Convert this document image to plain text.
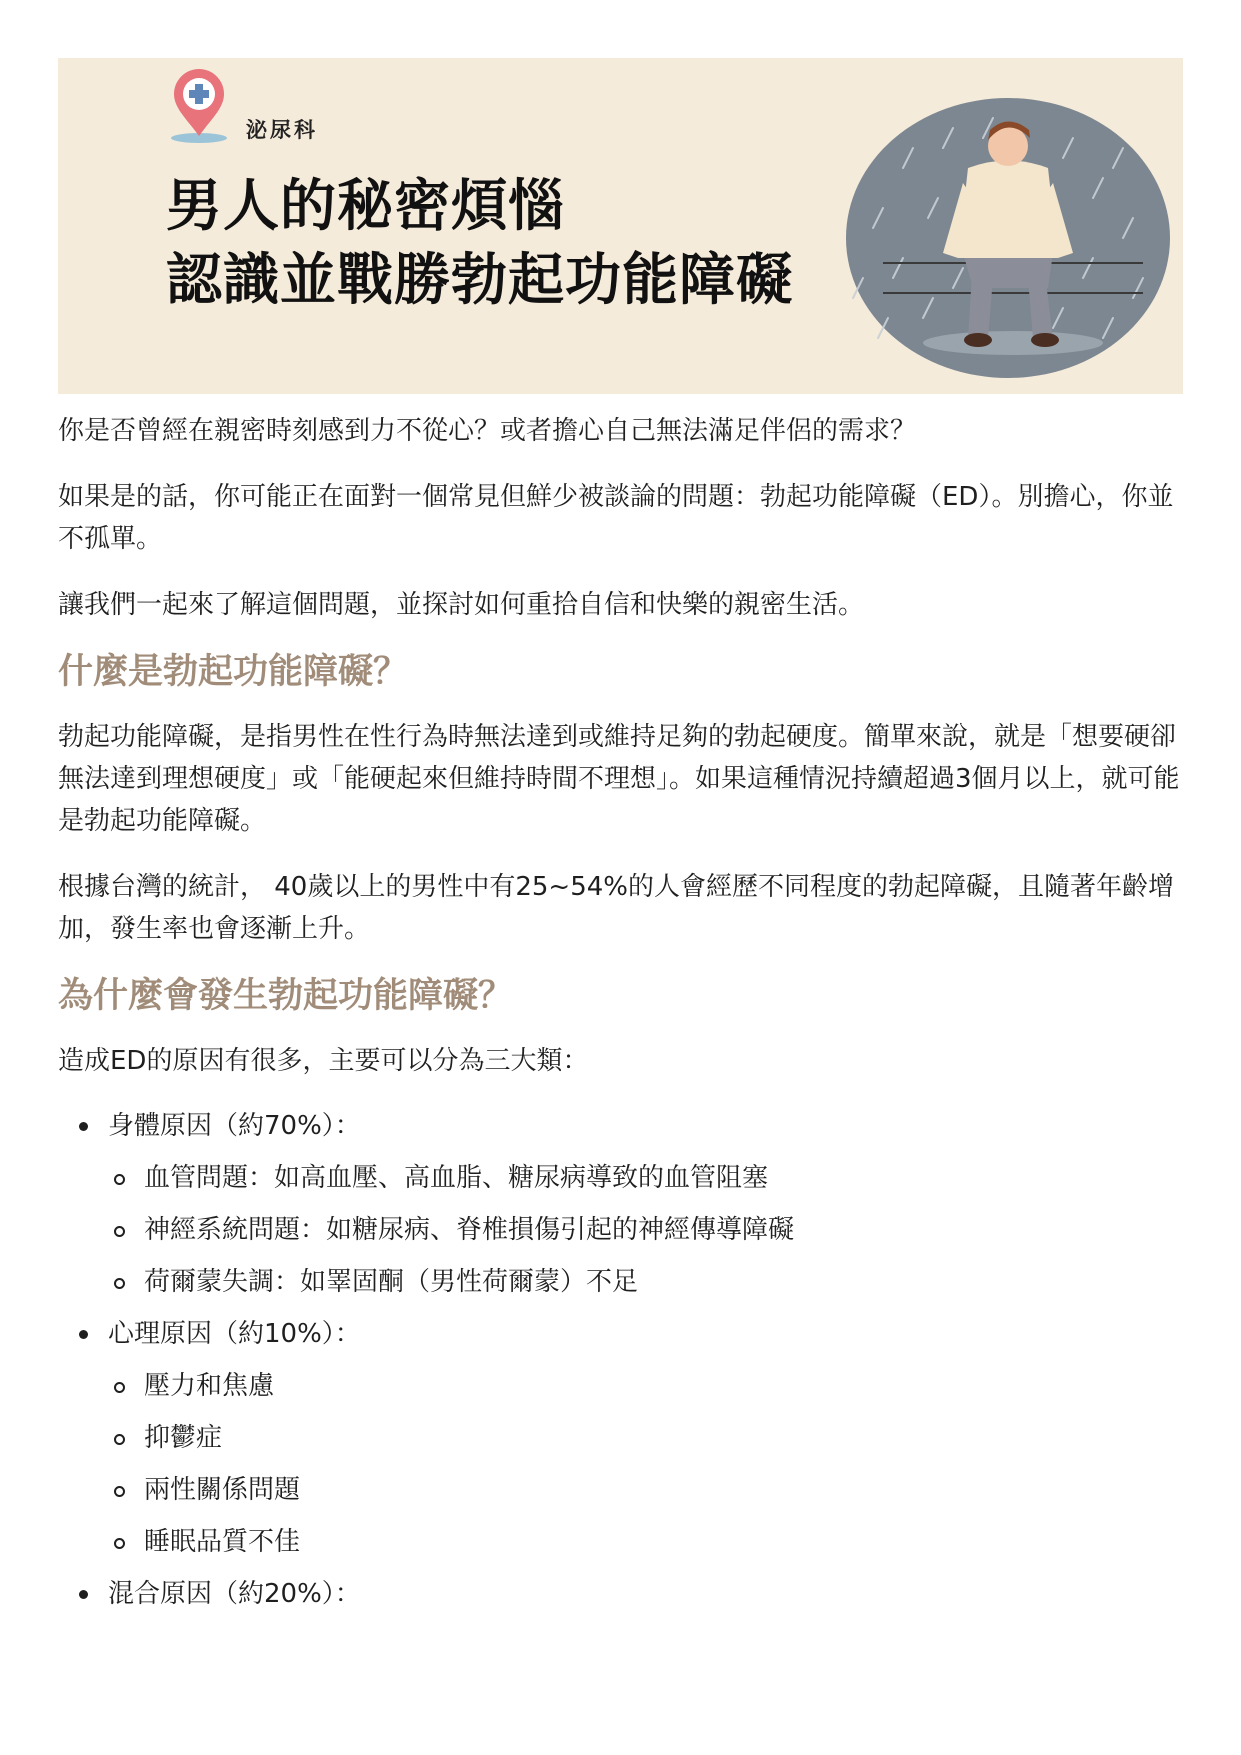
泌尿科
男人的秘密煩惱
認識並戰勝勃起功能障礙

你是否曾經在親密時刻感到力不從心？或者擔心自己無法滿足伴侶的需求？

如果是的話，你可能正在面對一個常見但鮮少被談論的問題：勃起功能障礙（ED）。別擔心，你並不孤單。

讓我們一起來了解這個問題，並探討如何重拾自信和快樂的親密生活。

什麼是勃起功能障礙？

勃起功能障礙，是指男性在性行為時無法達到或維持足夠的勃起硬度。簡單來說，就是「想要硬卻無法達到理想硬度」或「能硬起來但維持時間不理想」。如果這種情況持續超過3個月以上，就可能是勃起功能障礙。

根據台灣的統計， 40歲以上的男性中有25~54%的人會經歷不同程度的勃起障礙，且隨著年齡增加，發生率也會逐漸上升。

為什麼會發生勃起功能障礙？

造成ED的原因有很多，主要可以分為三大類：

身體原因（約70%）：
血管問題：如高血壓、高血脂、糖尿病導致的血管阻塞
神經系統問題：如糖尿病、脊椎損傷引起的神經傳導障礙
荷爾蒙失調：如睪固酮（男性荷爾蒙）不足
心理原因（約10%）：
壓力和焦慮
抑鬱症
兩性關係問題
睡眠品質不佳
混合原因（約20%）：
